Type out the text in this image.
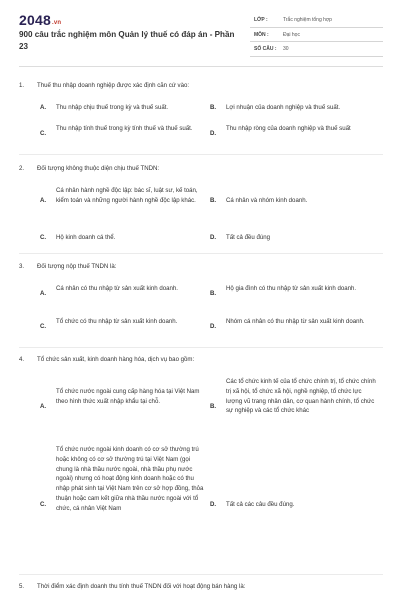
2048.vn
900 câu trắc nghiệm môn Quản lý thuế có đáp án - Phần 23
LỚP :	Trắc nghiệm tổng hợp
MÔN :	Đại học
SỐ CÂU : 30
1. Thuế thu nhập doanh nghiệp được xác định căn cứ vào:
A. Thu nhập chịu thuế trong kỳ và thuế suất.	B. Lợi nhuận của doanh nghiệp và thuế suất.
C.
Thu nhập tính thuế trong kỳ tính thuế và thuế suất.
D.
Thu nhập ròng của doanh nghiệp và thuế suất
2. Đối tượng không thuộc diện chịu thuế TNDN:
A.
Cá nhân hành nghề độc lập: bác sĩ, luật sư, kế toán, kiểm toán và những người hành nghề độc lập khác.	B. Cá nhân và nhóm kinh doanh.
C. Hộ kinh doanh cá thể.	D. Tất cả đều đúng
3. Đối tượng nộp thuế TNDN là:
A.
Cá nhân có thu nhập từ sản xuất kinh doanh.
B.
Hộ gia đình có thu nhập từ sản xuất kinh doanh.
C.
Tổ chức có thu nhập từ sản xuất kinh doanh.
D.
Nhóm cá nhân có thu nhập từ sản xuất kinh doanh.
4. Tổ chức sản xuất, kinh doanh hàng hóa, dịch vụ bao gồm:
A.
Tổ chức nước ngoài cung cấp hàng hóa tại Việt Nam theo hình thức xuất nhập khẩu tại chỗ.
B.
Các tổ chức kinh tế của tổ chức chính trị, tổ chức chính trị xã hội, tổ chức xã hội, nghề nghiệp, tổ chức lực lượng vũ trang nhân dân, cơ quan hành chính, tổ chức sự nghiệp và các tổ chức khác
C.
Tổ chức nước ngoài kinh doanh có cơ sở thường trú hoặc không có cơ sở thường trú tại Việt Nam (gọi chung là nhà thầu nước ngoài, nhà thầu phụ nước ngoài) nhưng có hoạt động kinh doanh hoặc có thu nhập phát sinh tại Việt Nam trên cơ sở hợp đồng, thỏa thuận hoặc cam kết giữa nhà thầu nước ngoài với tổ chức, cá nhân Việt Nam
D. Tất cả các câu đều đúng.
5. Thời điểm xác định doanh thu tính thuế TNDN đối với hoạt động bán hàng là:
